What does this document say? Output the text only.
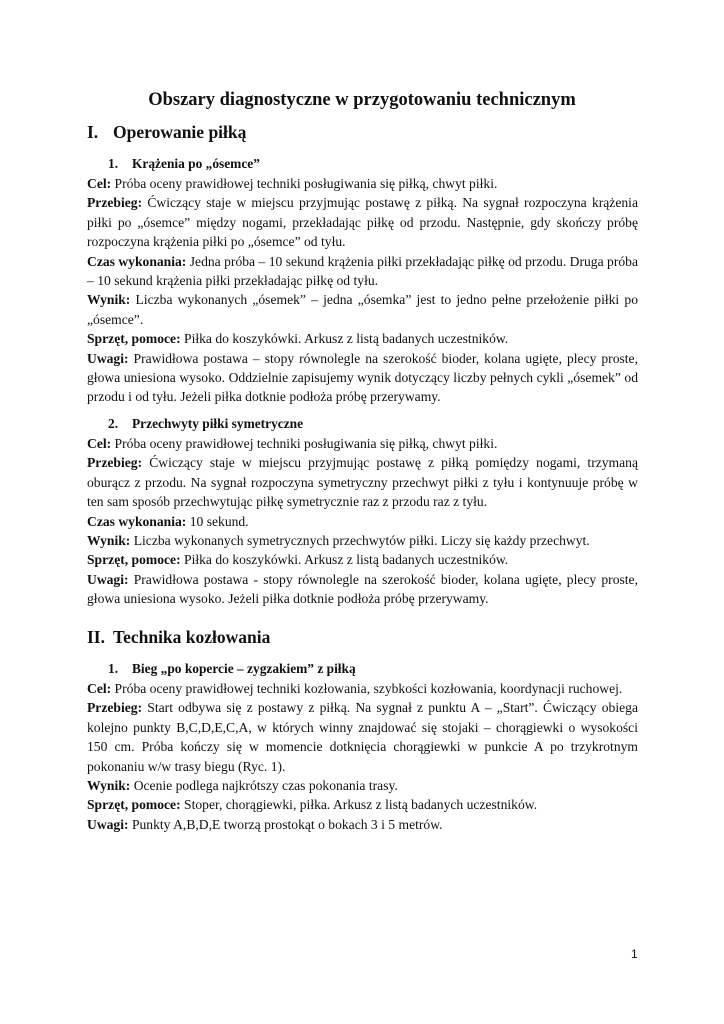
Obszary diagnostyczne w przygotowaniu technicznym
I. Operowanie piłką
1. Krążenia po „ósemce”

Cel: Próba oceny prawidłowej techniki posługiwania się piłką, chwyt piłki.

Przebieg: Ćwiczący staje w miejscu przyjmując postawę z piłką. Na sygnał rozpoczyna krążenia piłki po „ósemce” między nogami, przekładając piłkę od przodu. Następnie, gdy skończy próbę rozpoczyna krążenia piłki po „ósemce” od tyłu.

Czas wykonania: Jedna próba – 10 sekund krążenia piłki przekładając piłkę od przodu. Druga próba – 10 sekund krążenia piłki przekładając piłkę od tyłu.

Wynik: Liczba wykonanych „ósemek” – jedna „ósemka” jest to jedno pełne przełożenie piłki po „ósemce”.

Sprzęt, pomoce: Piłka do koszykówki. Arkusz z listą badanych uczestników.

Uwagi: Prawidłowa postawa – stopy równolegle na szerokość bioder, kolana ugięte, plecy proste, głowa uniesiona wysoko. Oddzielnie zapisujemy wynik dotyczący liczby pełnych cykli „ósemek” od przodu i od tyłu. Jeżeli piłka dotknie podłoża próbę przerywamy.

2. Przechwyty piłki symetryczne

Cel: Próba oceny prawidłowej techniki posługiwania się piłką, chwyt piłki.

Przebieg: Ćwiczący staje w miejscu przyjmując postawę z piłką pomiędzy nogami, trzymaną oburącz z przodu. Na sygnał rozpoczyna symetryczny przechwyt piłki z tyłu i kontynuuje próbę w ten sam sposób przechwytując piłkę symetrycznie raz z przodu raz z tyłu.

Czas wykonania: 10 sekund.

Wynik: Liczba wykonanych symetrycznych przechwytów piłki. Liczy się każdy przechwyt.

Sprzęt, pomoce: Piłka do koszykówki. Arkusz z listą badanych uczestników.

Uwagi: Prawidłowa postawa - stopy równolegle na szerokość bioder, kolana ugięte, plecy proste, głowa uniesiona wysoko. Jeżeli piłka dotknie podłoża próbę przerywamy.

II. Technika kozłowania
1. Bieg „po kopercie – zygzakiem” z piłką

Cel: Próba oceny prawidłowej techniki kozłowania, szybkości kozłowania, koordynacji ruchowej.

Przebieg: Start odbywa się z postawy z piłką. Na sygnał z punktu A – „Start”. Ćwiczący obiega kolejno punkty B,C,D,E,C,A, w których winny znajdować się stojaki – chorągiewki o wysokości 150 cm. Próba kończy się w momencie dotknięcia chorągiewki w punkcie A po trzykrotnym pokonaniu w/w trasy biegu (Ryc. 1).

Wynik: Ocenie podlega najkrótszy czas pokonania trasy.

Sprzęt, pomoce: Stoper, chorągiewki, piłka. Arkusz z listą badanych uczestników.

Uwagi: Punkty A,B,D,E tworzą prostokąt o bokach 3 i 5 metrów.

1
